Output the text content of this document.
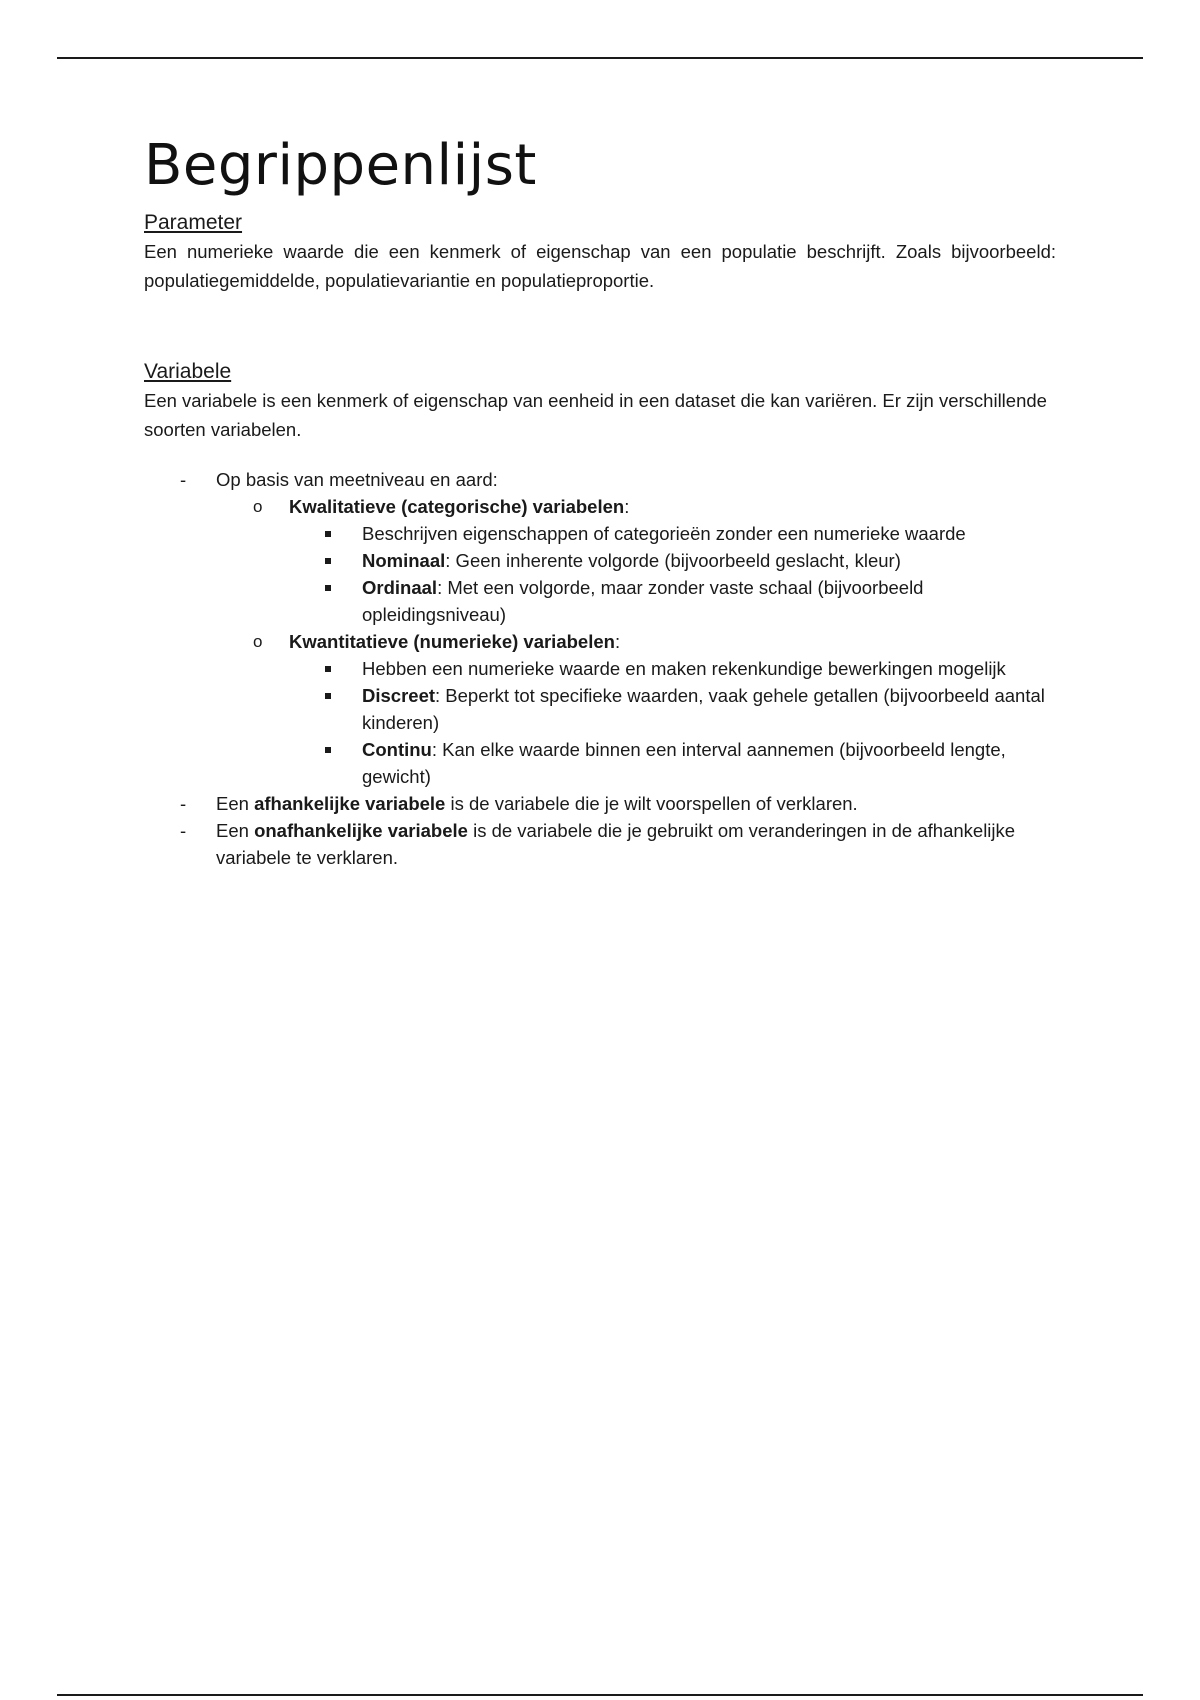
Begrippenlijst

Parameter

Een numerieke waarde die een kenmerk of eigenschap van een populatie beschrijft. Zoals bijvoorbeeld: populatiegemiddelde, populatievariantie en populatieproportie.

Variabele

Een variabele is een kenmerk of eigenschap van eenheid in een dataset die kan variëren. Er zijn verschillende soorten variabelen.

-	Op basis van meetniveau en aard:
o Kwalitatieve (categorische) variabelen:
Beschrijven eigenschappen of categorieën zonder een numerieke waarde
Nominaal: Geen inherente volgorde (bijvoorbeeld geslacht, kleur)
Ordinaal: Met een volgorde, maar zonder vaste schaal (bijvoorbeeld opleidingsniveau)
o Kwantitatieve (numerieke) variabelen:
Hebben een numerieke waarde en maken rekenkundige bewerkingen mogelijk
Discreet: Beperkt tot specifieke waarden, vaak gehele getallen (bijvoorbeeld aantal kinderen)
Continu: Kan elke waarde binnen een interval aannemen (bijvoorbeeld lengte, gewicht)
-	Een afhankelijke variabele is de variabele die je wilt voorspellen of verklaren.
-	Een onafhankelijke variabele is de variabele die je gebruikt om veranderingen in de afhankelijke variabele te verklaren.
